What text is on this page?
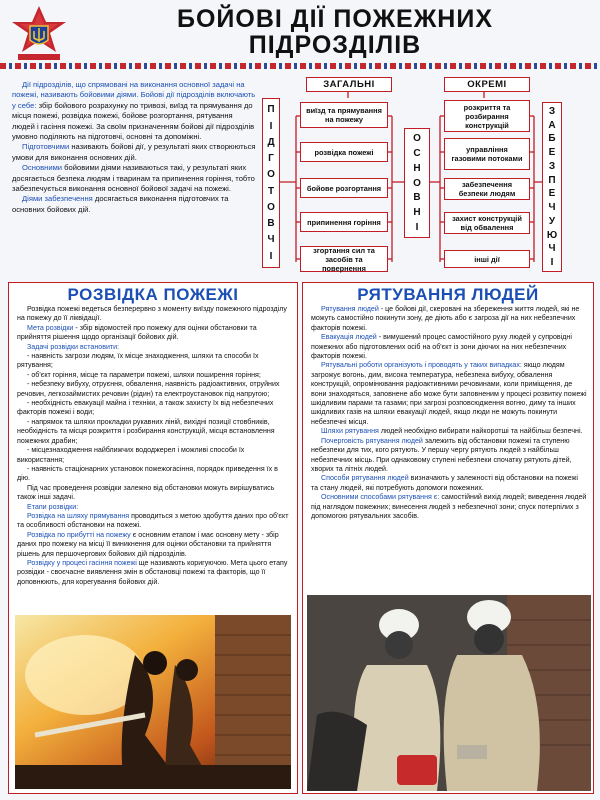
БОЙОВІ ДІЇ ПОЖЕЖНИХ
ПІДРОЗДІЛІВ

Дії підрозділів, що спрямовані на виконання основної задачі на пожежі, називають бойовими діями. Бойові дії підрозділів включають у себе: збір бойового розрахунку по тривозі, виїзд та прямування до місця пожежі, розвідка пожежі, бойове розгортання, рятування людей і гасіння пожежі. За своїм призначенням бойові дії підрозділів умовно поділяють на підготовчі, основні та допоміжні.

Підготовчими називають бойові дії, у результаті яких створюються умови для виконання основних дій.

Основними бойовими діями називаються такі, у результаті яких досягається безпека людям і тваринам та припинення горіння, тобто забезпечується виконання основної бойової задачі на пожежі.

Діями забезпечення досягається виконання підготовчих та основних бойових дій.

ЗАГАЛЬНІ	ОКРЕМІ
П
І
Д
Г
О
Т
О
В
Ч
І
О
С
Н
О
В
Н
І
З
А
Б
Е
З
П
Е
Ч
У
Ю
Ч
І
виїзд та прямування на пожежу
розвідка пожежі
бойове розгортання
припинення горіння
згортання сил та засобів та повернення
розкриття та розбирання конструкцій
управління газовими потоками
забезпечення безпеки людям
захист конструкцій від обвалення
інші дії
РОЗВІДКА ПОЖЕЖІ

Розвідка пожежі ведеться безперервно з моменту виїзду пожежного підрозділу на пожежу до її ліквідації.

Мета розвідки - збір відомостей про пожежу для оцінки обстановки та прийняття рішення щодо організації бойових дій.

Задачі розвідки встановити:

- наявність загрози людям, їх місце знаходження, шляхи та способи їх рятування;
- об'єкт горіння, місце та параметри пожежі, шляхи поширення горіння;
- небезпеку вибуху, отруєння, обвалення, наявність радіоактивних, отруйних речовин, легкозаймистих речовин (рідин) та електроустановок під напругою;
- необхідність евакуації майна і техніки, а також захисту їх від небезпечних факторів пожежі і води;
- напрямок та шляхи прокладки рукавних ліній, вихідні позиції стовбників, необхідність та місця розкриття і розбирання конструкцій, місця встановлення пожежних драбин;
- місцезнаходження найближчих вододжерел і можливі способи їх використання;
- наявність стаціонарних установок пожежогасіння, порядок приведення їх в дію.

Під час проведення розвідки залежно від обстановки можуть вирішуватись також інші задачі.

Етапи розвідки:

Розвідка на шляху прямування проводиться з метою здобуття даних про об'єкт та особливості обстановки на пожежі.

Розвідка по прибутті на пожежу є основним етапом і має основну мету - збір даних про пожежу на місці її виникнення для оцінки обстановки та прийняття рішень для першочергових бойових дій підрозділів.

Розвідку у процесі гасіння пожежі ще називають коригуючою. Мета цього етапу розвідки - своєчасне виявлення змін в обстановці пожежі та факторів, що її доповнюють, для корегування бойових дій.

РЯТУВАННЯ ЛЮДЕЙ

Рятування людей - це бойові дії, скеровані на збереження життя людей, які не можуть самостійно покинути зону, де діють або є загроза дії на них небезпечних факторів пожежі.

Евакуація людей - вимушений процес самостійного руху людей у супровідні пожежних або підготовлених осіб на об'єкт із зони діючих на них небезпечних факторів пожежі.

Рятувальні роботи організують і проводять у таких випадках: якщо людям загрожує вогонь, дим, висока температура, небезпека вибуху, обвалення конструкцій, опромінювання радіоактивними речовинами, коли приміщення, де вони знаходяться, заповнене або може бути заповненим у процесі розвитку пожежі шкідливим парами та газами; при загрозі розповсюдження вогню, диму та інших шкідливих газів на шляхи евакуації людей, якщо люди не можуть покинути небезпечні місця.

Шляхи рятування людей необхідно вибирати найкоротші та найбільш безпечні.

Почерговість рятування людей залежить від обстановки пожежі та ступеню небезпеки для тих, кого рятують. У першу чергу рятують людей з найбільш небезпечних місць. При однаковому ступені небезпеки спочатку рятують дітей, хворих та літніх людей.

Способи рятування людей визначають у залежності від обстановки на пожежі та стану людей, які потребують допомоги пожежних.

Основними способами рятування є: самостійний вихід людей; виведення людей під наглядом пожежних; винесення людей з небезпечної зони; спуск потерпілих з допомогою рятувальних засобів.
